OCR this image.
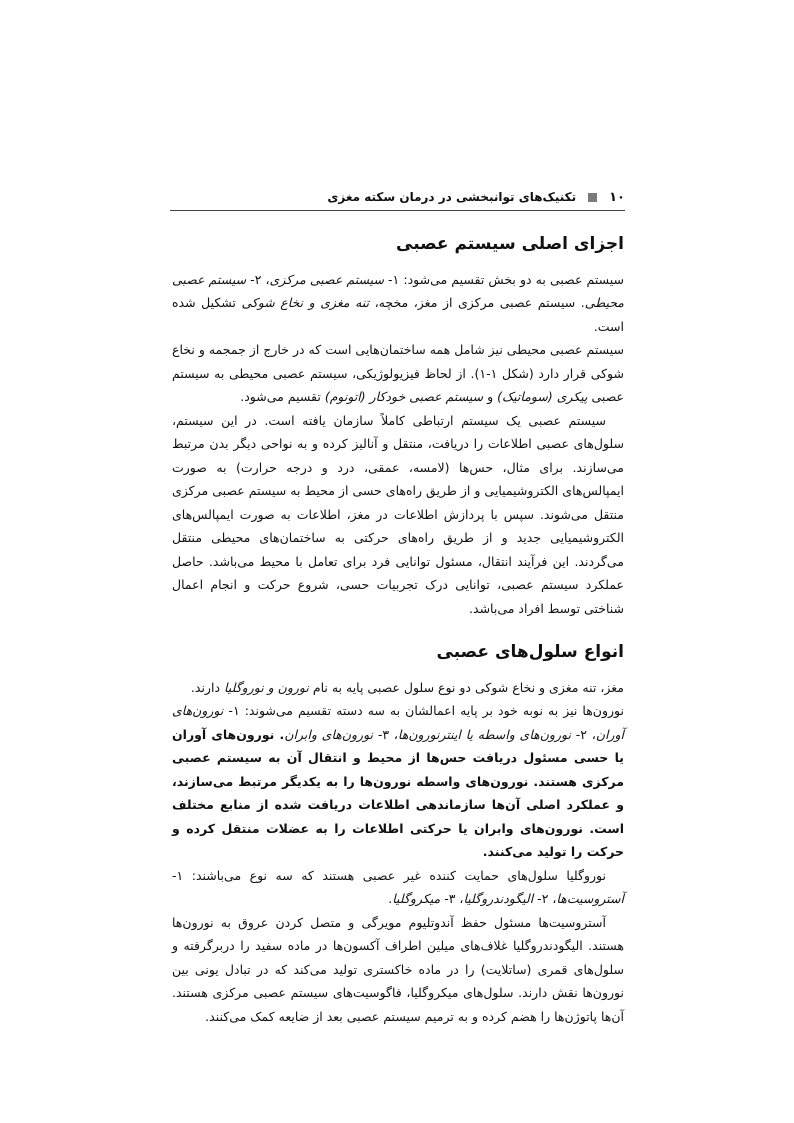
۱۰
تکنیک‌های توانبخشی در درمان سکته مغزی
اجزای اصلی سیستم عصبی

سیستم عصبی به دو بخش تقسیم می‌شود: ۱- سیستم عصبی مرکزی، ۲- سیستم عصبی محیطی. سیستم عصبی مرکزی از مغز، مخچه، تنه مغزی و نخاع شوکی تشکیل شده است.

سیستم عصبی محیطی نیز شامل همه ساختمان‌هایی است که در خارج از جمجمه و نخاع شوکی قرار دارد (شکل ۱-۱). از لحاظ فیزیولوژیکی، سیستم عصبی محیطی به سیستم عصبی پیکری (سوماتیک) و سیستم عصبی خودکار (اتونوم) تقسیم می‌شود.

سیستم عصبی یک سیستم ارتباطی کاملاً سازمان یافته است. در این سیستم، سلول‌های عصبی اطلاعات را دریافت، منتقل و آنالیز کرده و به نواحی دیگر بدن مرتبط می‌سازند. برای مثال، حس‌ها (لامسه، عمقی، درد و درجه حرارت) به صورت ایمپالس‌های الکتروشیمیایی و از طریق راه‌های حسی از محیط به سیستم عصبی مرکزی منتقل می‌شوند. سپس با پردازش اطلاعات در مغز، اطلاعات به صورت ایمپالس‌های الکتروشیمیایی جدید و از طریق راه‌های حرکتی به ساختمان‌های محیطی منتقل می‌گردند. این فرآیند انتقال، مسئول توانایی فرد برای تعامل با محیط می‌باشد. حاصل عملکرد سیستم عصبی، توانایی درک تجربیات حسی، شروع حرکت و انجام اعمال شناختی توسط افراد می‌باشد.

انواع سلول‌های عصبی

مغز، تنه مغزی و نخاع شوکی دو نوع سلول عصبی پایه به نام نورون و نوروگلیا دارند.

نورون‌ها نیز به نوبه خود بر پایه اعمالشان به سه دسته تقسیم می‌شوند: ۱- نورون‌های آوران، ۲- نورون‌های واسطه یا اینترنورون‌ها، ۳- نورون‌های وابران. نورون‌های آوران یا حسی مسئول دریافت حس‌ها از محیط و انتقال آن به سیستم عصبی مرکزی هستند. نورون‌های واسطه نورون‌ها را به یکدیگر مرتبط می‌سازند، و عملکرد اصلی آن‌ها سازماندهی اطلاعات دریافت شده از منابع مختلف است. نورون‌های وابران یا حرکتی اطلاعات را به عضلات منتقل کرده و حرکت را تولید می‌کنند.

نوروگلیا سلول‌های حمایت کننده غیر عصبی هستند که سه نوع می‌باشند: ۱- آستروسیت‌ها، ۲- الیگودندروگلیا، ۳- میکروگلیا.

آستروسیت‌ها مسئول حفظ آندوتلیوم مویرگی و متصل کردن عروق به نورون‌ها هستند. الیگودندروگلیا غلاف‌های میلین اطراف آکسون‌ها در ماده سفید را دربرگرفته و سلول‌های قمری (ساتلایت) را در ماده خاکستری تولید می‌کند که در تبادل یونی بین نورون‌ها نقش دارند. سلول‌های میکروگلیا، فاگوسیت‌های سیستم عصبی مرکزی هستند. آن‌ها پاتوژن‌ها را هضم کرده و به ترمیم سیستم عصبی بعد از ضایعه کمک می‌کنند.
